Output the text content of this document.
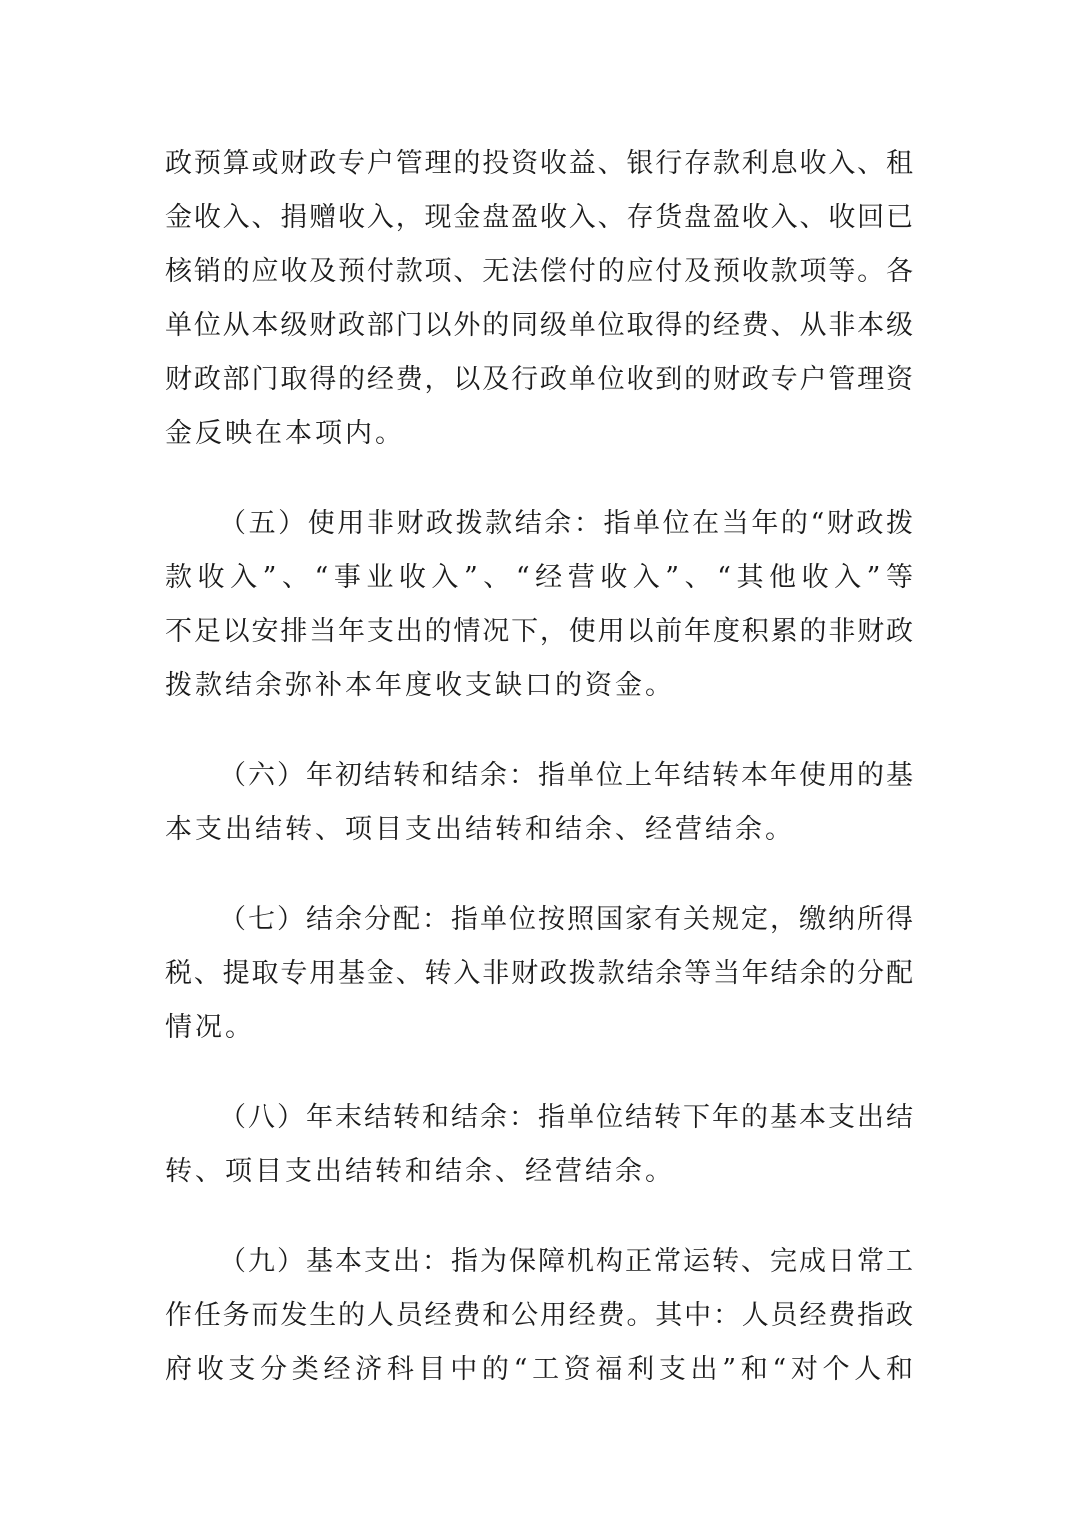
政预算或财政专户管理的投资收益、银行存款利息收入、租
金收入、捐赠收入，现金盘盈收入、存货盘盈收入、收回已
核销的应收及预付款项、无法偿付的应付及预收款项等。各
单位从本级财政部门以外的同级单位取得的经费、从非本级
财政部门取得的经费，以及行政单位收到的财政专户管理资
金反映在本项内。
（五）使用非财政拨款结余：指单位在当年的“财政拨
款收入”、“事业收入”、“经营收入”、“其他收入”等
不足以安排当年支出的情况下，使用以前年度积累的非财政
拨款结余弥补本年度收支缺口的资金。
（六）年初结转和结余：指单位上年结转本年使用的基
本支出结转、项目支出结转和结余、经营结余。
（七）结余分配：指单位按照国家有关规定，缴纳所得
税、提取专用基金、转入非财政拨款结余等当年结余的分配
情况。
（八）年末结转和结余：指单位结转下年的基本支出结
转、项目支出结转和结余、经营结余。
（九）基本支出：指为保障机构正常运转、完成日常工
作任务而发生的人员经费和公用经费。其中：人员经费指政
府收支分类经济科目中的“工资福利支出”和“对个人和
